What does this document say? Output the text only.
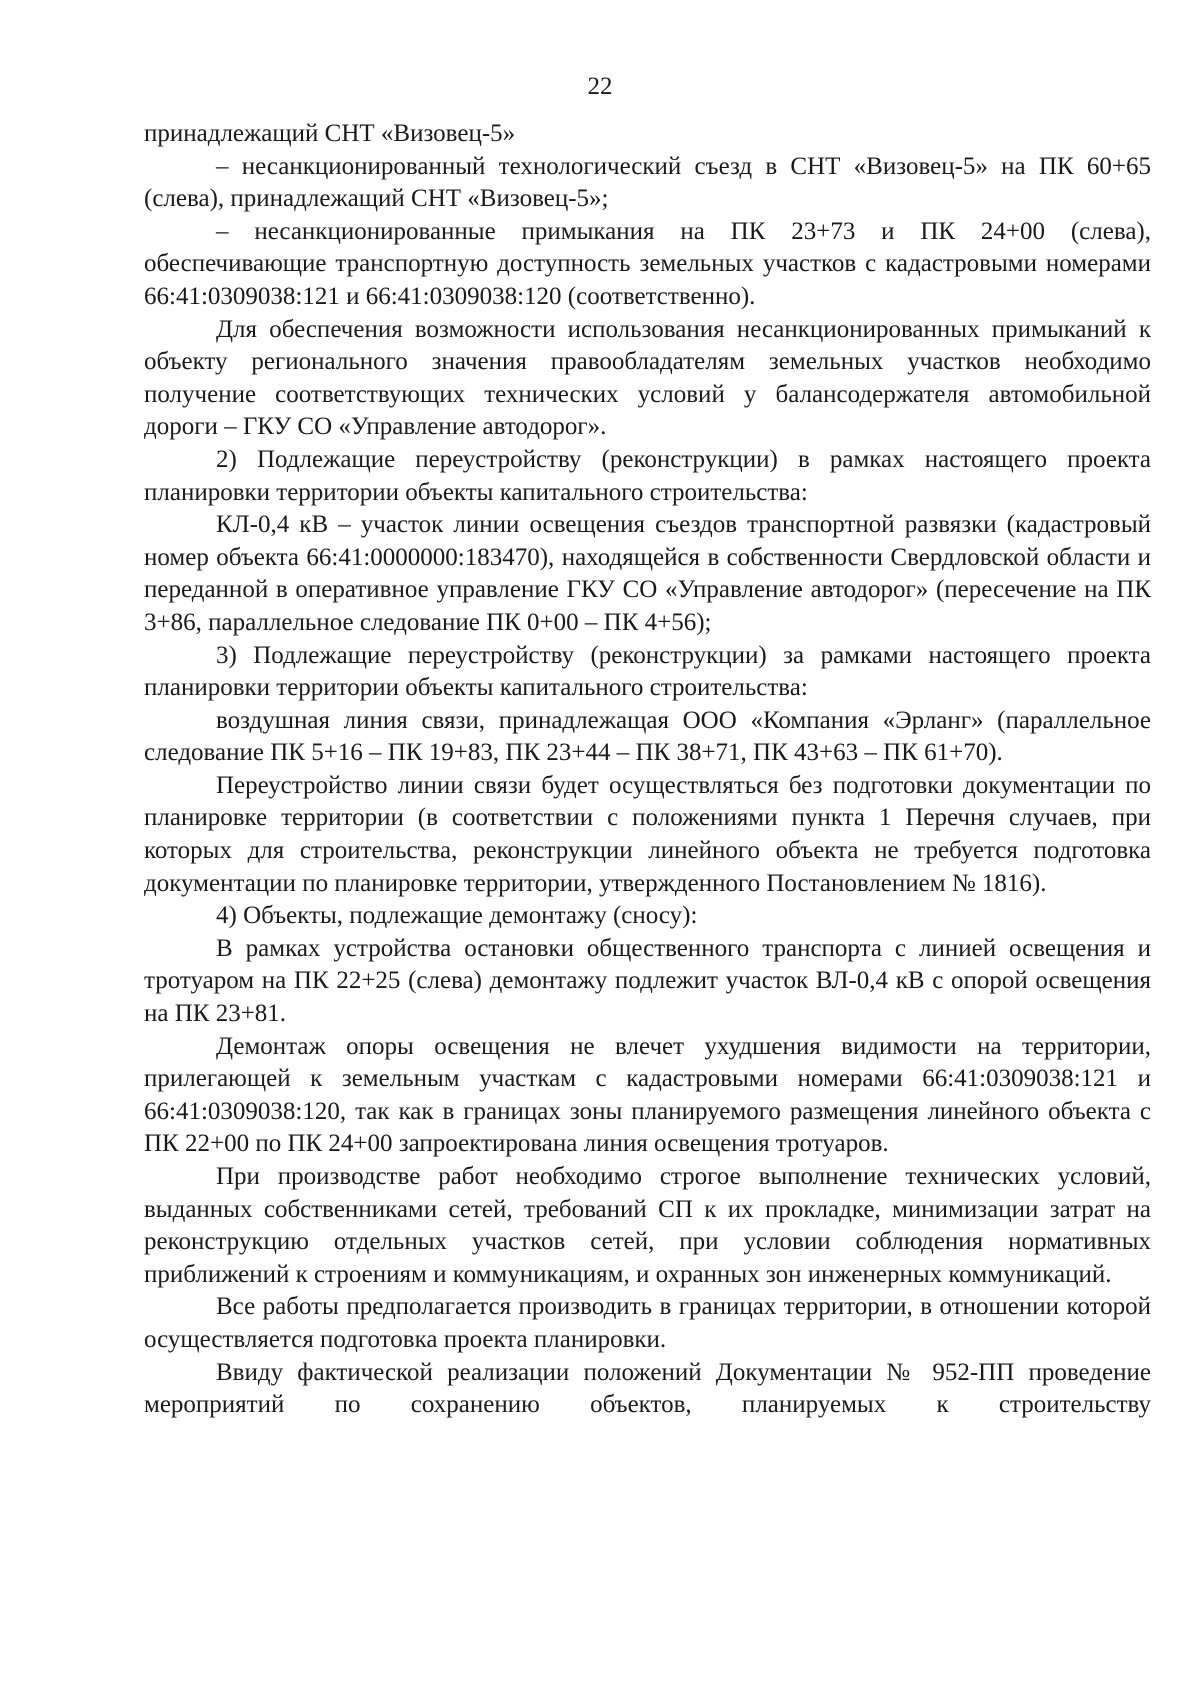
22

принадлежащий СНТ «Визовец-5»

– несанкционированный технологический съезд в СНТ «Визовец-5» на ПК 60+65 (слева), принадлежащий СНТ «Визовец-5»;

– несанкционированные примыкания на ПК 23+73 и ПК 24+00 (слева), обеспечивающие транспортную доступность земельных участков с кадастровыми номерами 66:41:0309038:121 и 66:41:0309038:120 (соответственно).

Для обеспечения возможности использования несанкционированных примыканий к объекту регионального значения правообладателям земельных участков необходимо получение соответствующих технических условий у балансодержателя автомобильной дороги – ГКУ СО «Управление автодорог».

2) Подлежащие переустройству (реконструкции) в рамках настоящего проекта планировки территории объекты капитального строительства:

КЛ-0,4 кВ – участок линии освещения съездов транспортной развязки (кадастровый номер объекта 66:41:0000000:183470), находящейся в собственности Свердловской области и переданной в оперативное управление ГКУ СО «Управление автодорог» (пересечение на ПК 3+86, параллельное следование ПК 0+00 – ПК 4+56);

3) Подлежащие переустройству (реконструкции) за рамками настоящего проекта планировки территории объекты капитального строительства:

воздушная линия связи, принадлежащая ООО «Компания «Эрланг» (параллельное следование ПК 5+16 – ПК 19+83, ПК 23+44 – ПК 38+71, ПК 43+63 – ПК 61+70).

Переустройство линии связи будет осуществляться без подготовки документации по планировке территории (в соответствии с положениями пункта 1 Перечня случаев, при которых для строительства, реконструкции линейного объекта не требуется подготовка документации по планировке территории, утвержденного Постановлением № 1816).

4) Объекты, подлежащие демонтажу (сносу):

В рамках устройства остановки общественного транспорта с линией освещения и тротуаром на ПК 22+25 (слева) демонтажу подлежит участок ВЛ-0,4 кВ с опорой освещения на ПК 23+81.

Демонтаж опоры освещения не влечет ухудшения видимости на территории, прилегающей к земельным участкам с кадастровыми номерами 66:41:0309038:121 и 66:41:0309038:120, так как в границах зоны планируемого размещения линейного объекта с ПК 22+00 по ПК 24+00 запроектирована линия освещения тротуаров.

При производстве работ необходимо строгое выполнение технических условий, выданных собственниками сетей, требований СП к их прокладке, минимизации затрат на реконструкцию отдельных участков сетей, при условии соблюдения нормативных приближений к строениям и коммуникациям, и охранных зон инженерных коммуникаций.

Все работы предполагается производить в границах территории, в отношении которой осуществляется подготовка проекта планировки.

Ввиду фактической реализации положений Документации № 952-ПП проведение мероприятий по сохранению объектов, планируемых к строительству
